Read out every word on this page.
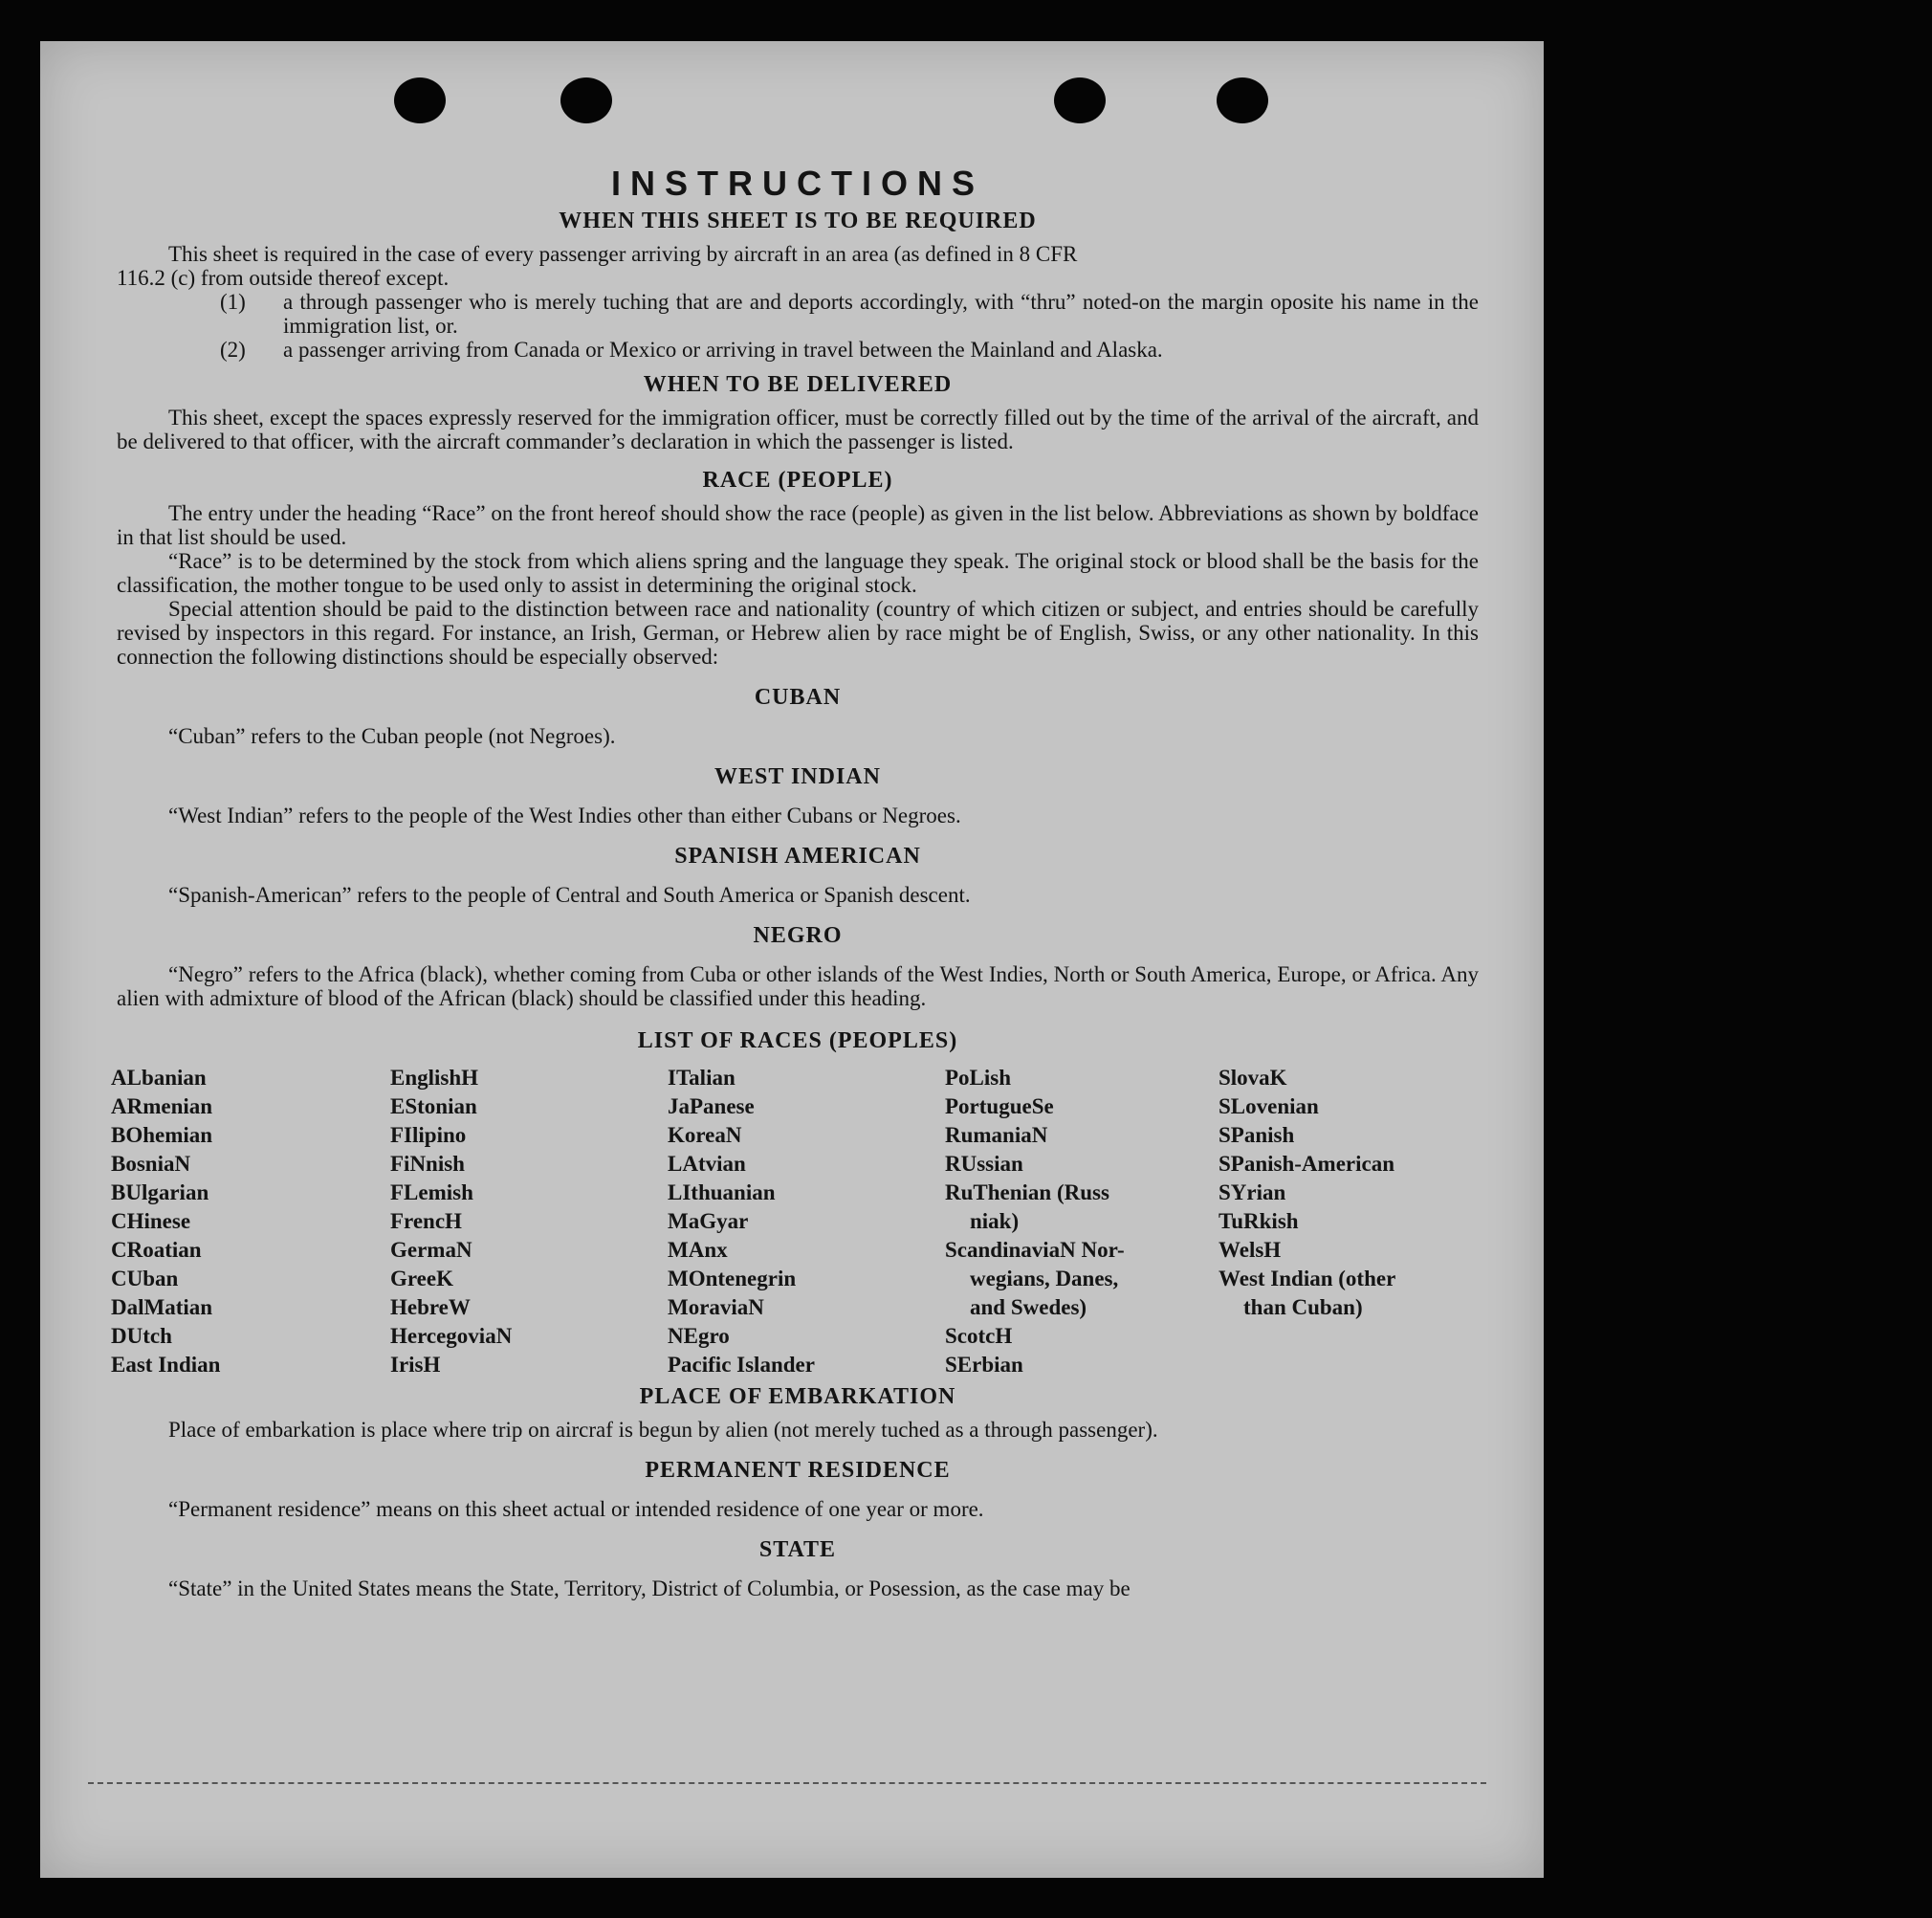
INSTRUCTIONS
WHEN THIS SHEET IS TO BE REQUIRED

This sheet is required in the case of every passenger arriving by aircraft in an area (as defined in 8 CFR

116.2 (c) from outside thereof except.

(1)	a through passenger who is merely tuching that are and deports accordingly, with “thru” noted-on the margin oposite his name in the immigration list, or.
(2)	a passenger arriving from Canada or Mexico or arriving in travel between the Mainland and Alaska.
WHEN TO BE DELIVERED

This sheet, except the spaces expressly reserved for the immigration officer, must be correctly filled out by the time of the arrival of the aircraft, and be delivered to that officer, with the aircraft commander’s declaration in which the passenger is listed.

RACE (PEOPLE)

The entry under the heading “Race” on the front hereof should show the race (people) as given in the list below. Abbreviations as shown by boldface in that list should be used.

“Race” is to be determined by the stock from which aliens spring and the language they speak. The original stock or blood shall be the basis for the classification, the mother tongue to be used only to assist in determining the original stock.

Special attention should be paid to the distinction between race and nationality (country of which citizen or subject, and entries should be carefully revised by inspectors in this regard. For instance, an Irish, German, or Hebrew alien by race might be of English, Swiss, or any other nationality. In this connection the following distinctions should be especially observed:

CUBAN

“Cuban” refers to the Cuban people (not Negroes).

WEST INDIAN

“West Indian” refers to the people of the West Indies other than either Cubans or Negroes.

SPANISH AMERICAN

“Spanish-American” refers to the people of Central and South America or Spanish descent.

NEGRO

“Negro” refers to the Africa (black), whether coming from Cuba or other islands of the West Indies, North or South America, Europe, or Africa. Any alien with admixture of blood of the African (black) should be classified under this heading.

LIST OF RACES (PEOPLES)
ALbanian
ARmenian
BOhemian
BosniaN
BUlgarian
CHinese
CRoatian
CUban
DalMatian
DUtch
East Indian
EnglishH
EStonian
FIlipino
FiNnish
FLemish
FrencH
GermaN
GreeK
HebreW
HercegoviaN
IrisH
ITalian
JaPanese
KoreaN
LAtvian
LIthuanian
MaGyar
MAnx
MOntenegrin
MoraviaN
NEgro
Pacific Islander
PoLish
PortugueSe
RumaniaN
RUssian
RuThenian (Russ
niak)
ScandinaviaN Nor-
wegians, Danes,
and Swedes)
ScotcH
SErbian
SlovaK
SLovenian
SPanish
SPanish-American
SYrian
TuRkish
WelsH
West Indian (other
than Cuban)
PLACE OF EMBARKATION

Place of embarkation is place where trip on aircraf is begun by alien (not merely tuched as a through passenger).

PERMANENT RESIDENCE

“Permanent residence” means on this sheet actual or intended residence of one year or more.

STATE

“State” in the United States means the State, Territory, District of Columbia, or Posession, as the case may be
